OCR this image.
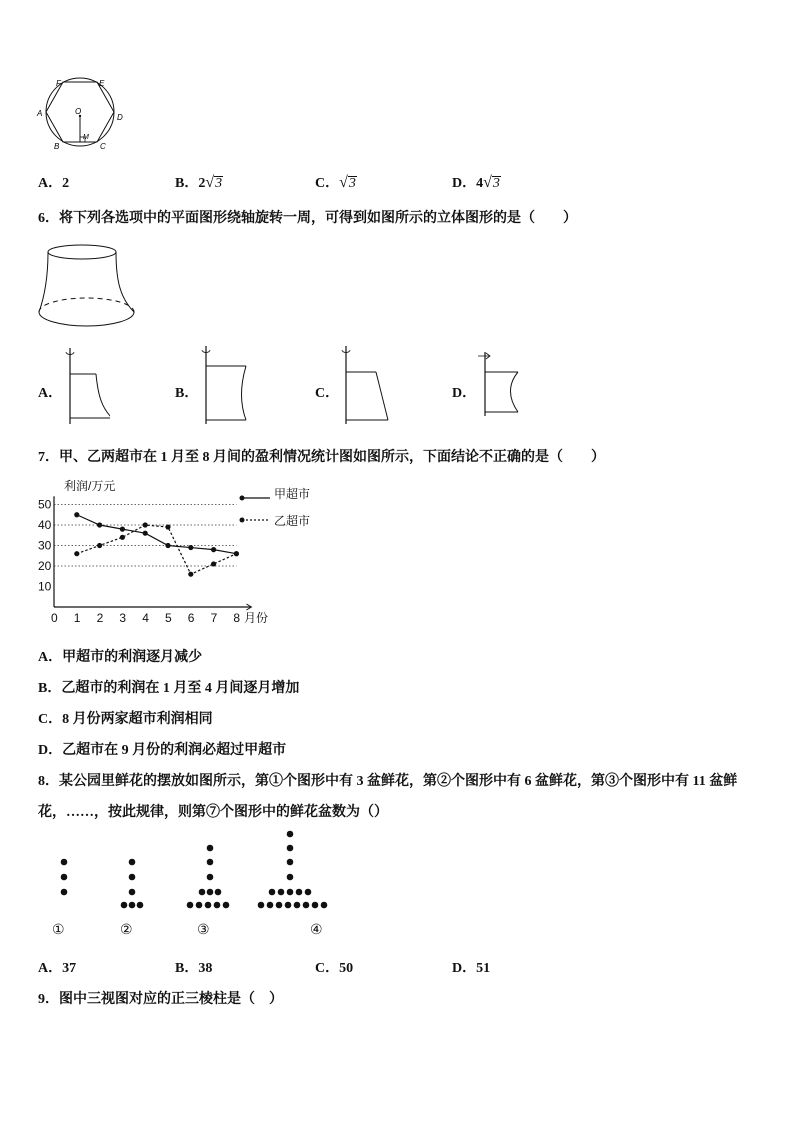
F	E
A	D
O
M
B	C
A．2	B．2√3	C．√3	D．4√3
6．将下列各选项中的平面图形绕轴旋转一周，可得到如图所示的立体图形的是（　　）
A．	B．	C．	D．
7．甲、乙两超市在 1 月至 8 月间的盈利情况统计图如图所示，下面结论不正确的是（　　）
利润/万元
月份
0 1 2 3 4 5 6 7 8
10
20
30
40
50
甲超市
乙超市
A．甲超市的利润逐月减少
B．乙超市的利润在 1 月至 4 月间逐月增加
C．8 月份两家超市利润相同
D．乙超市在 9 月份的利润必超过甲超市
8．某公园里鲜花的摆放如图所示，第①个图形中有 3 盆鲜花，第②个图形中有 6 盆鲜花，第③个图形中有 11 盆鲜
花，……，按此规律，则第⑦个图形中的鲜花盆数为（）
①	②	③	④
A．37	B．38	C．50	D．51
9．图中三视图对应的正三棱柱是（　）
